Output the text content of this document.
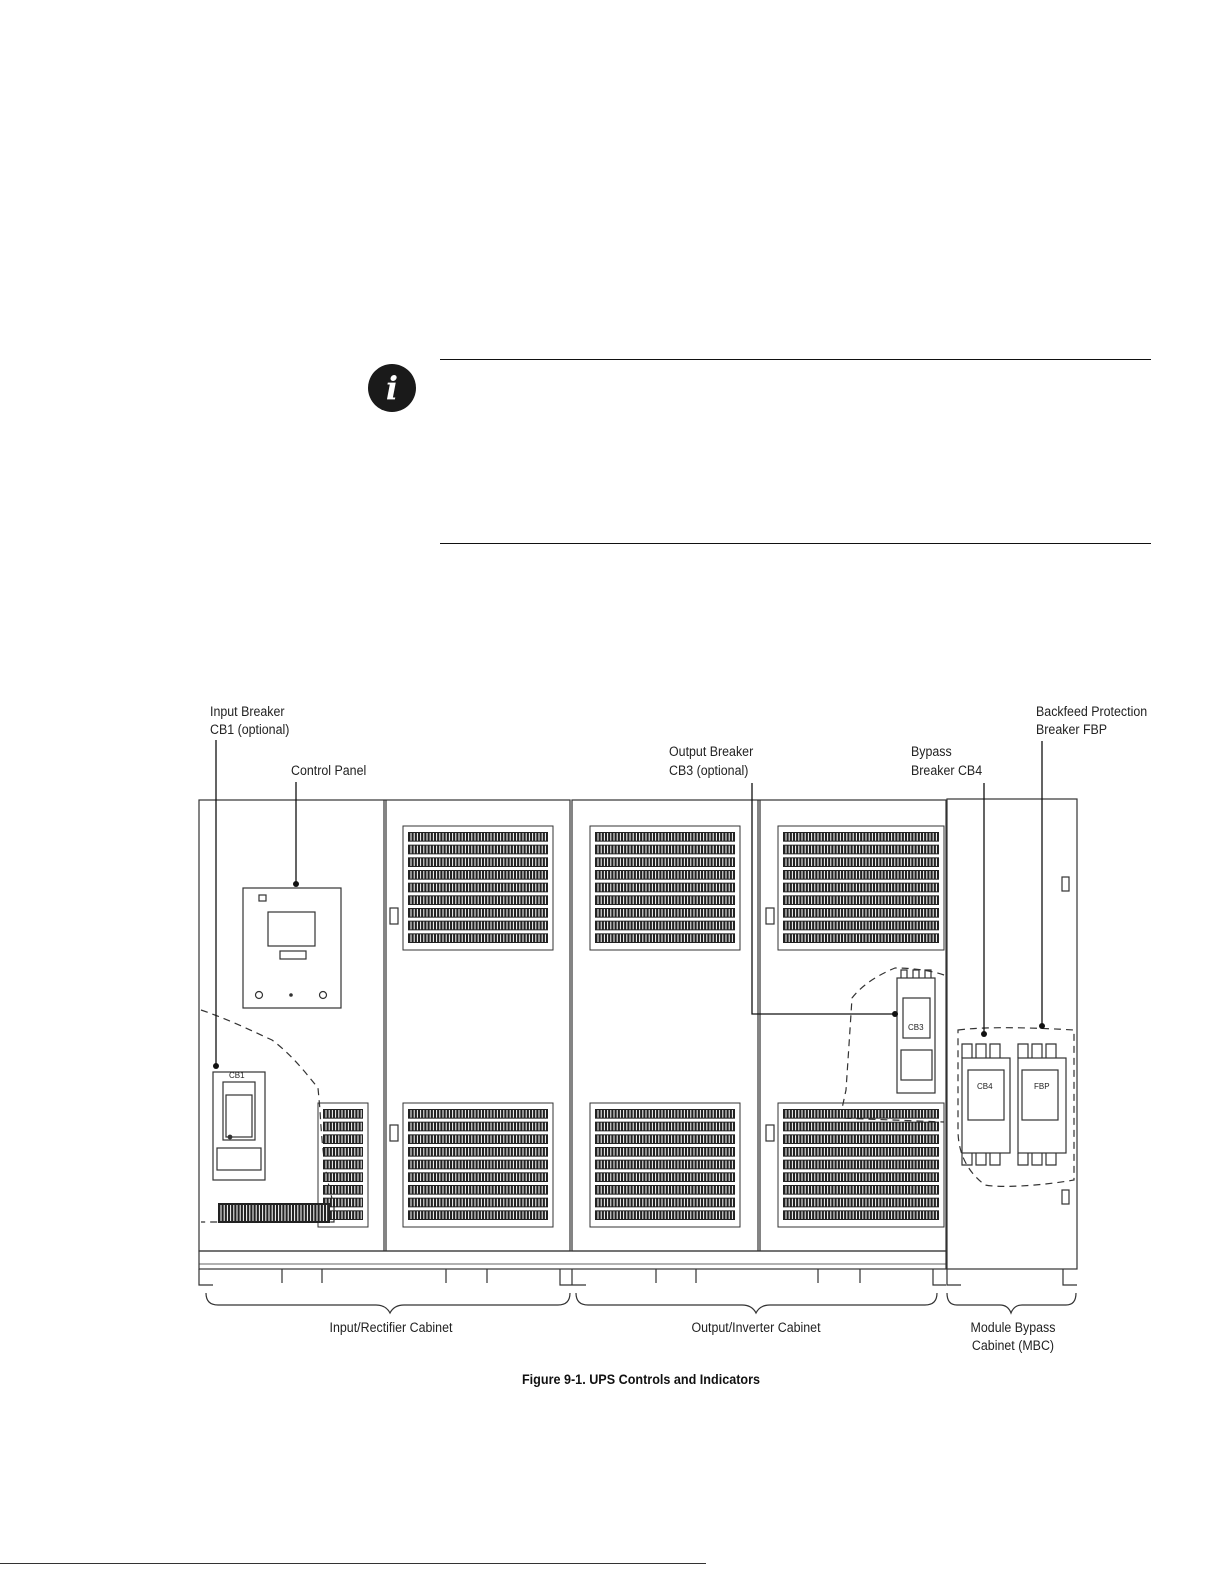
i
Input Breaker
CB1 (optional)
Control Panel
Output Breaker
CB3 (optional)
Bypass
Breaker CB4
Backfeed Protection
Breaker FBP
Input/Rectifier Cabinet	Output/Inverter Cabinet	Module Bypass
Cabinet (MBC)
CB1
CB3
CB4	FBP
Figure 9-1. UPS Controls and Indicators
